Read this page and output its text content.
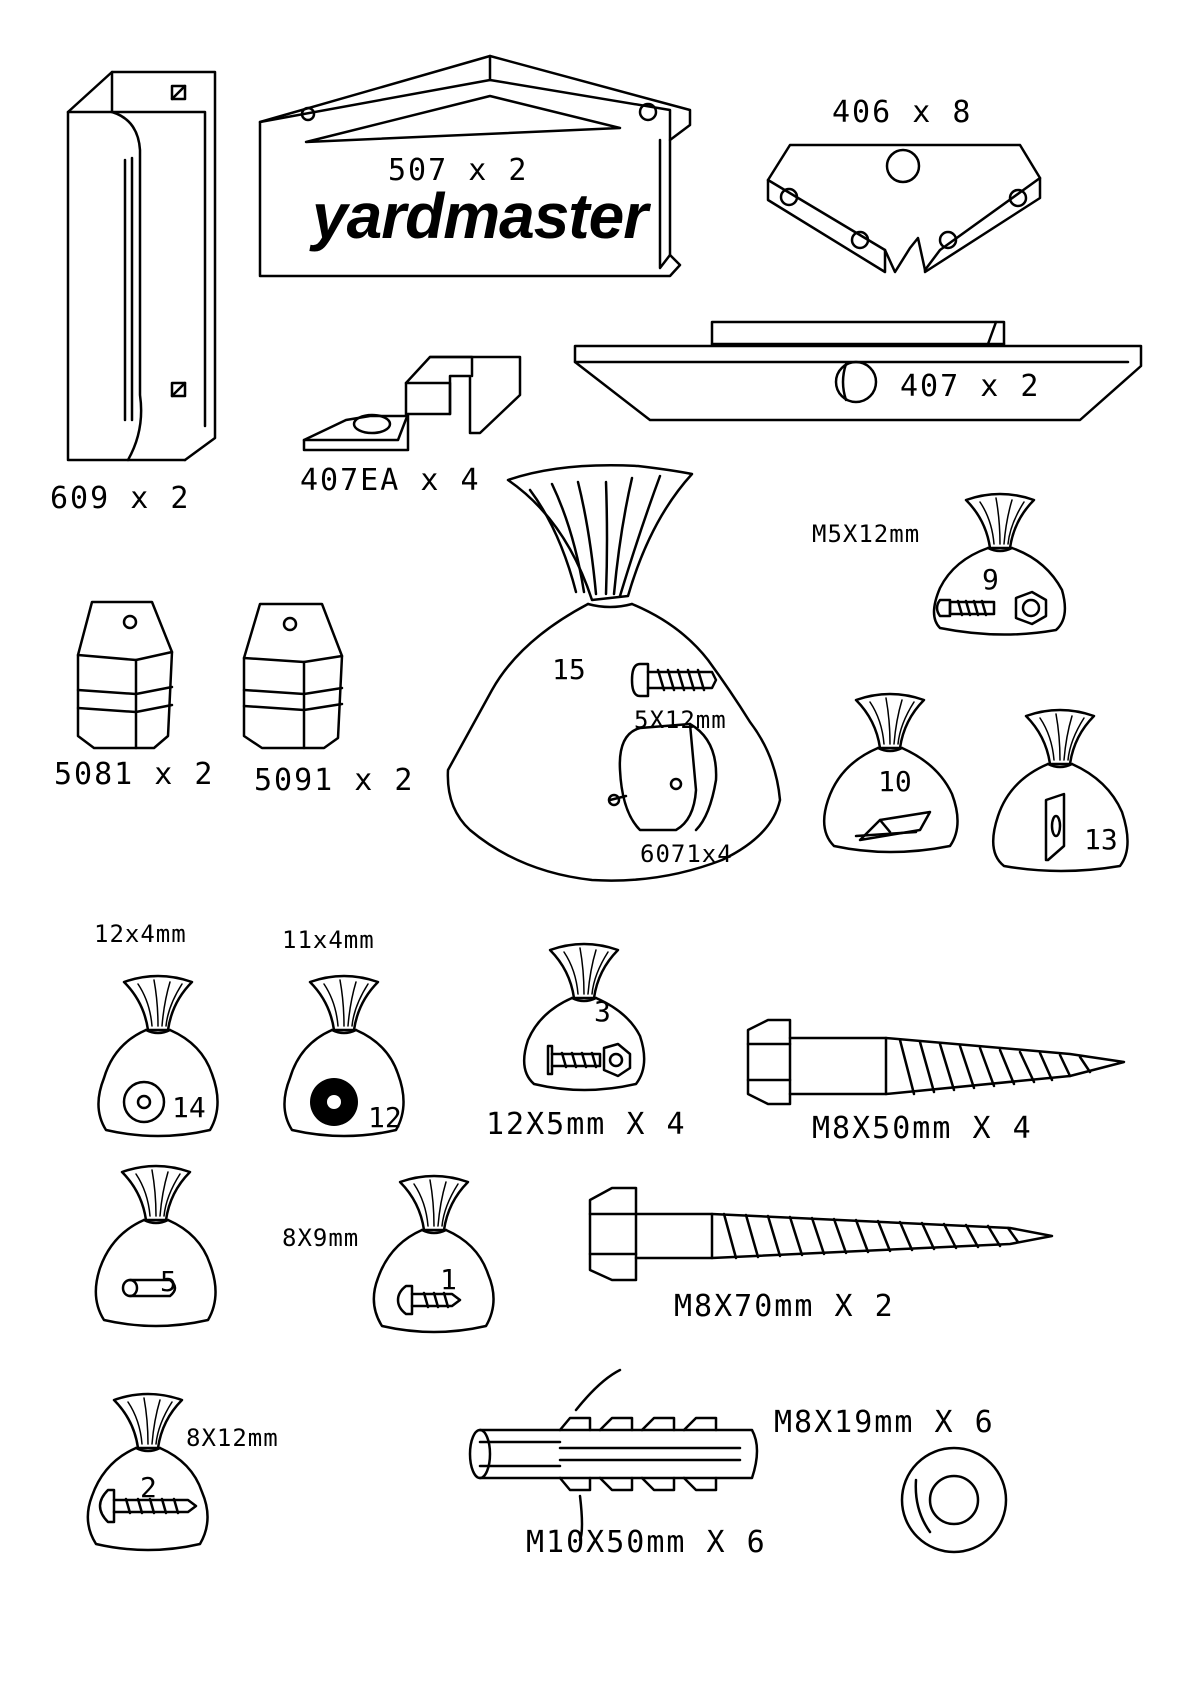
609 x 2
507 x 2
yardmaster
406 x 8
407 x 2
407EA x 4
5081 x 2 5091 x 2
15
5X12mm
6071x4
M5X12mm
9
10
13
12x4mm
14
11x4mm
12
3
12X5mm X 4	M8X50mm X 4
5
8X9mm
1
M8X70mm X 2
8X12mm
2
M10X50mm X 6
M8X19mm X 6
